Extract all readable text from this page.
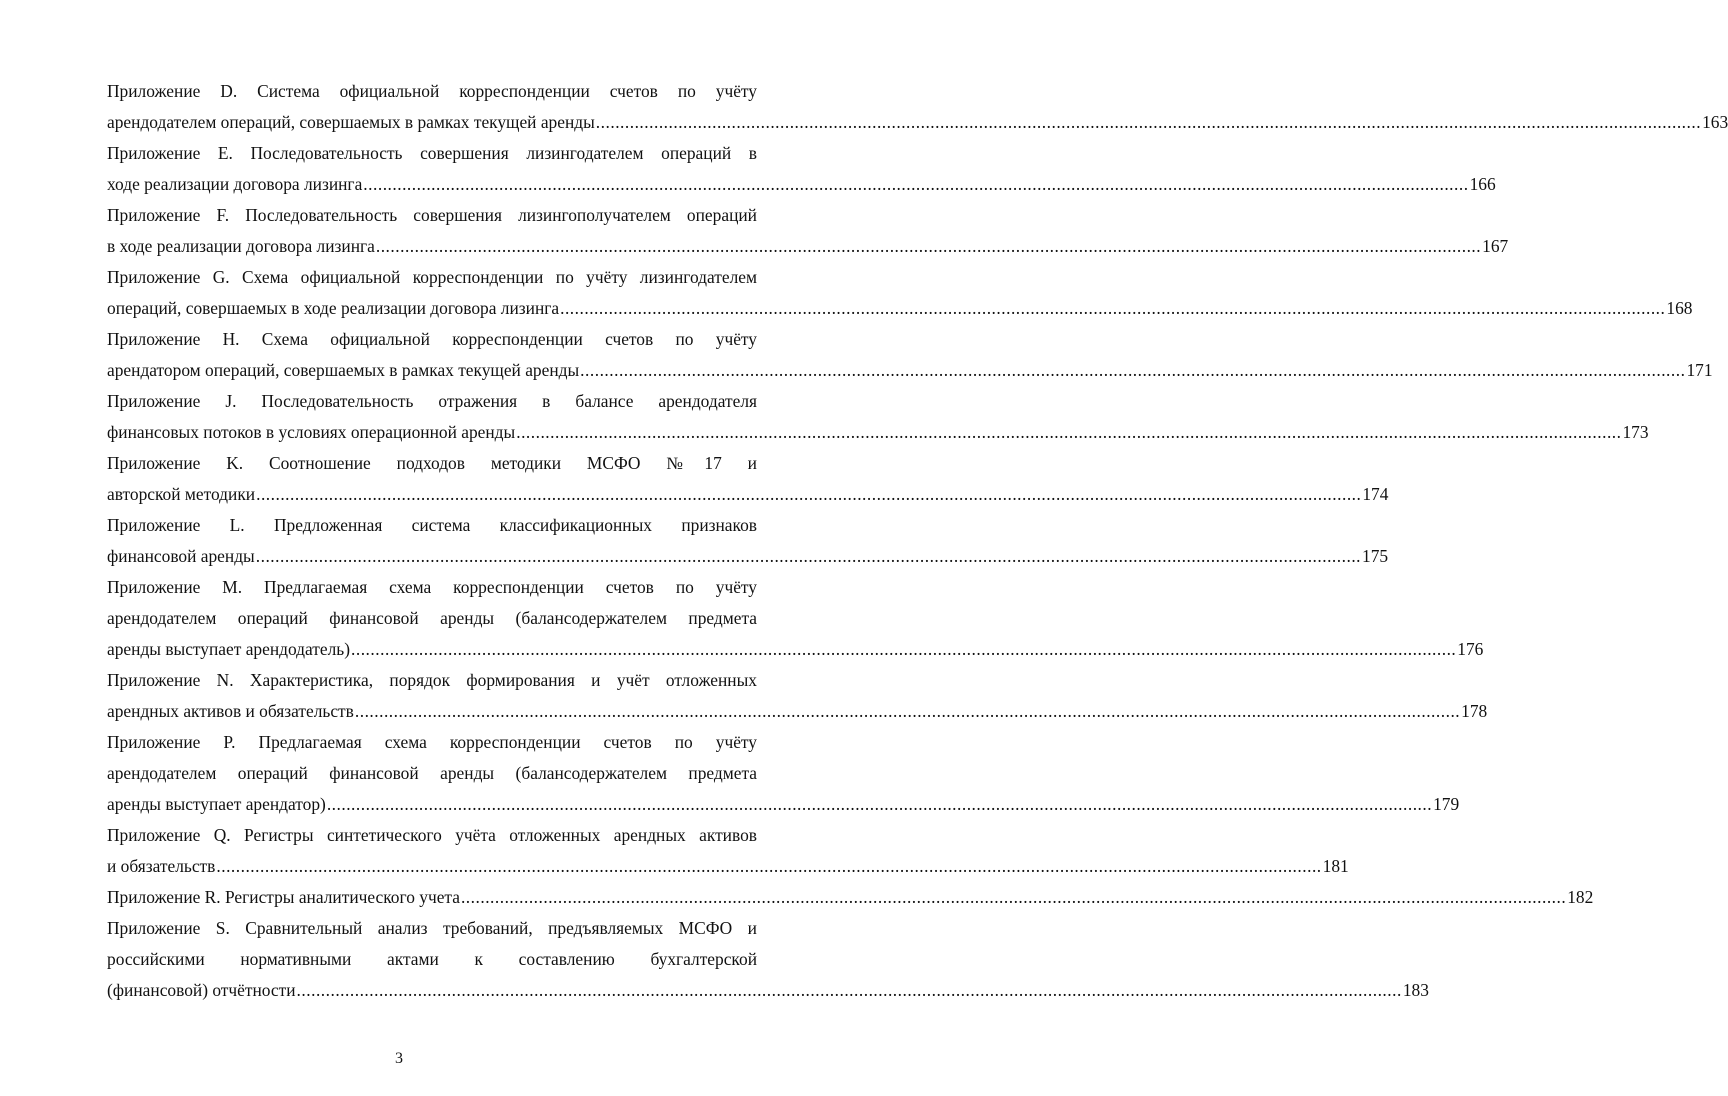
Приложение D. Система официальной корреспонденции счетов по учёту
арендодателем операций, совершаемых в рамках текущей аренды .....	163
Приложение E. Последовательность совершения лизингодателем операций в
ходе реализации договора лизинга .....	166
Приложение F. Последовательность совершения лизингополучателем операций
в ходе реализации договора лизинга .....	167
Приложение G. Схема официальной корреспонденции по учёту лизингодателем
операций, совершаемых в ходе реализации договора лизинга .....	168
Приложение H. Схема официальной корреспонденции счетов по учёту
арендатором операций, совершаемых в рамках текущей аренды .....	171
Приложение J. Последовательность отражения в балансе арендодателя
финансовых потоков в условиях операционной аренды .....	173
Приложение K. Соотношение подходов методики МСФО №17 и
авторской методики .....	174
Приложение L. Предложенная система классификационных признаков
финансовой аренды .....	175
Приложение M. Предлагаемая схема корреспонденции счетов по учёту
арендодателем операций финансовой аренды (балансодержателем предмета
аренды выступает арендодатель) .....	176
Приложение N. Характеристика, порядок формирования и учёт отложенных
арендных активов и обязательств .....	178
Приложение P. Предлагаемая схема корреспонденции счетов по учёту
арендодателем операций финансовой аренды (балансодержателем предмета
аренды выступает арендатор) .....	179
Приложение Q. Регистры синтетического учёта отложенных арендных активов
и обязательств .....	181
Приложение R. Регистры аналитического учета .....	182
Приложение S. Сравнительный анализ требований, предъявляемых МСФО и
российскими нормативными актами к составлению бухгалтерской
(финансовой) отчётности .....	183
3
